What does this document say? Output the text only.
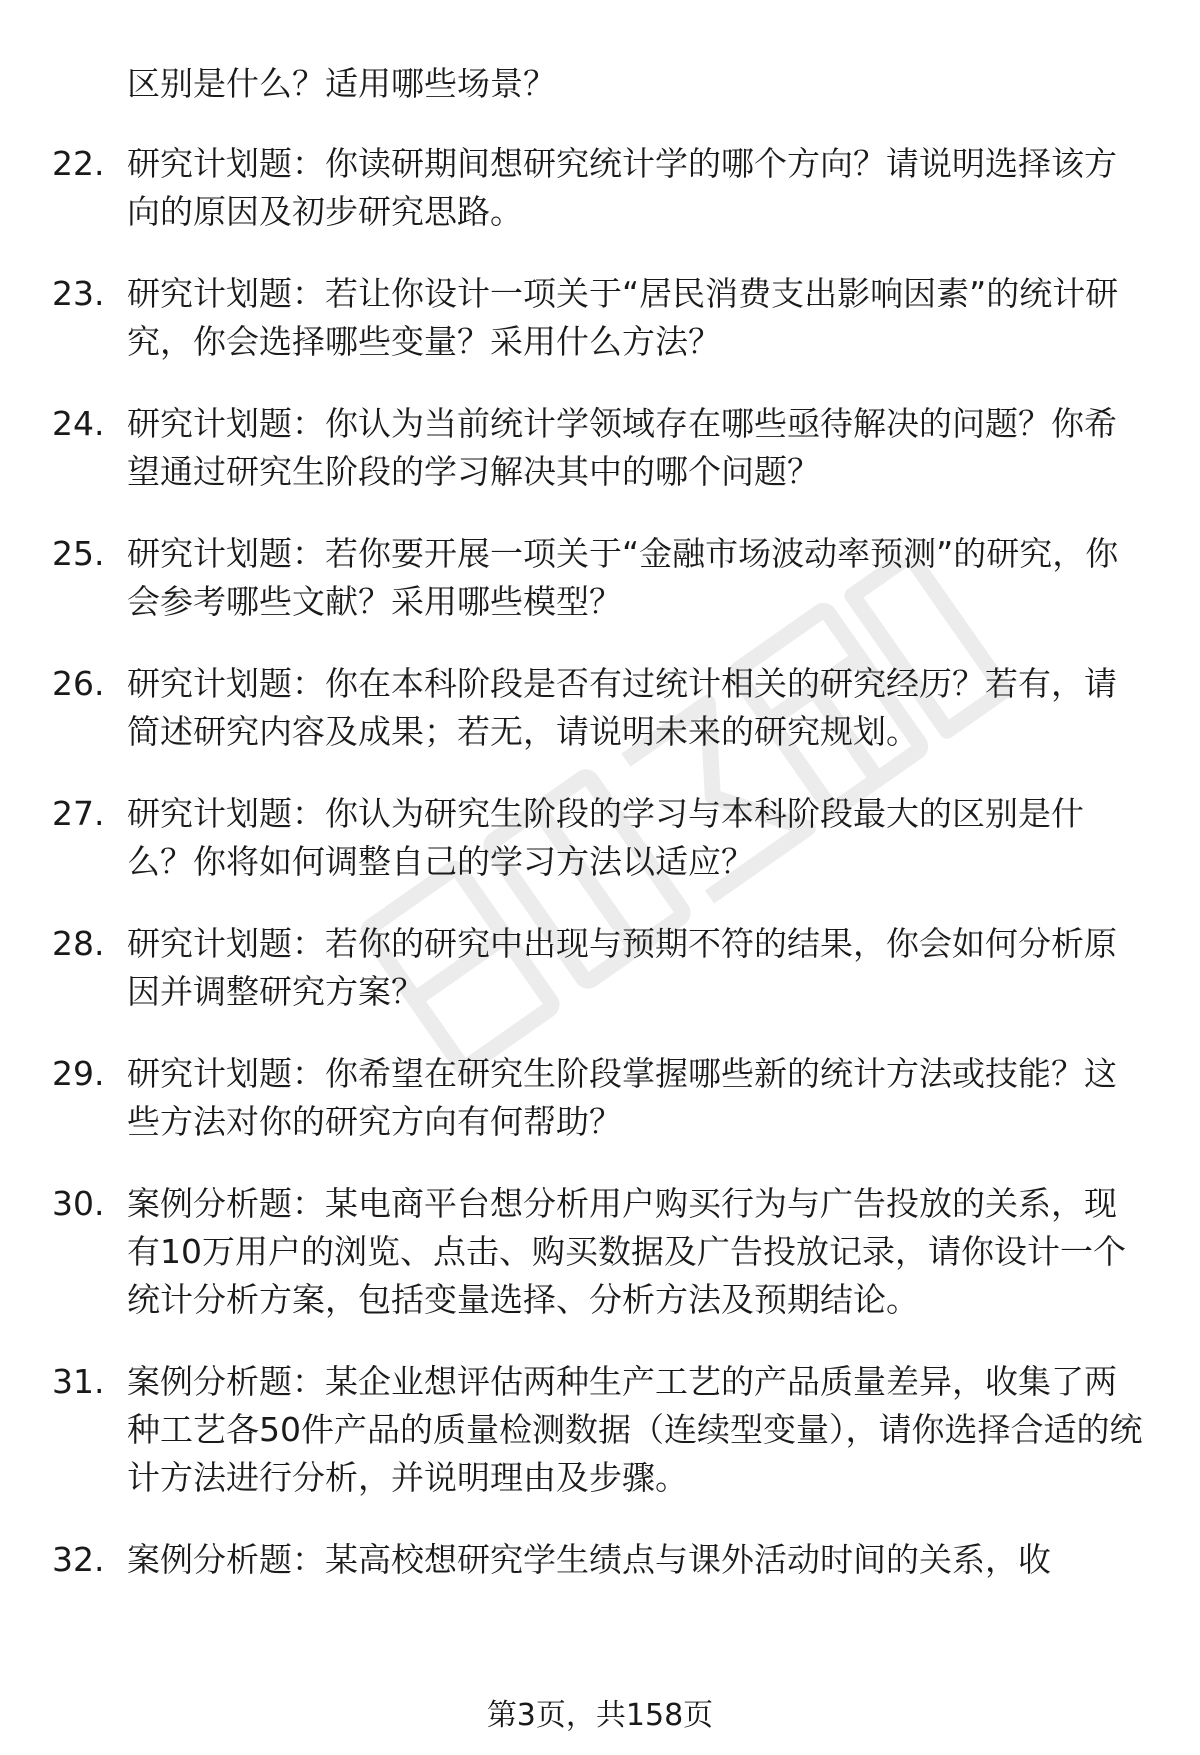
区别是什么？适用哪些场景？
22. 研究计划题：你读研期间想研究统计学的哪个方向？请说明选择该方向的原因及初步研究思路。
23. 研究计划题：若让你设计一项关于“居民消费支出影响因素”的统计研究，你会选择哪些变量？采用什么方法？
24. 研究计划题：你认为当前统计学领域存在哪些亟待解决的问题？你希望通过研究生阶段的学习解决其中的哪个问题？
25. 研究计划题：若你要开展一项关于“金融市场波动率预测”的研究，你会参考哪些文献？采用哪些模型？
26. 研究计划题：你在本科阶段是否有过统计相关的研究经历？若有，请简述研究内容及成果；若无，请说明未来的研究规划。
27. 研究计划题：你认为研究生阶段的学习与本科阶段最大的区别是什么？你将如何调整自己的学习方法以适应？
28. 研究计划题：若你的研究中出现与预期不符的结果，你会如何分析原因并调整研究方案？
29. 研究计划题：你希望在研究生阶段掌握哪些新的统计方法或技能？这些方法对你的研究方向有何帮助？
30. 案例分析题：某电商平台想分析用户购买行为与广告投放的关系，现有10万用户的浏览、点击、购买数据及广告投放记录，请你设计一个统计分析方案，包括变量选择、分析方法及预期结论。
31. 案例分析题：某企业想评估两种生产工艺的产品质量差异，收集了两种工艺各50件产品的质量检测数据（连续型变量），请你选择合适的统计方法进行分析，并说明理由及步骤。
32. 案例分析题：某高校想研究学生绩点与课外活动时间的关系，收
第3页，共158页
